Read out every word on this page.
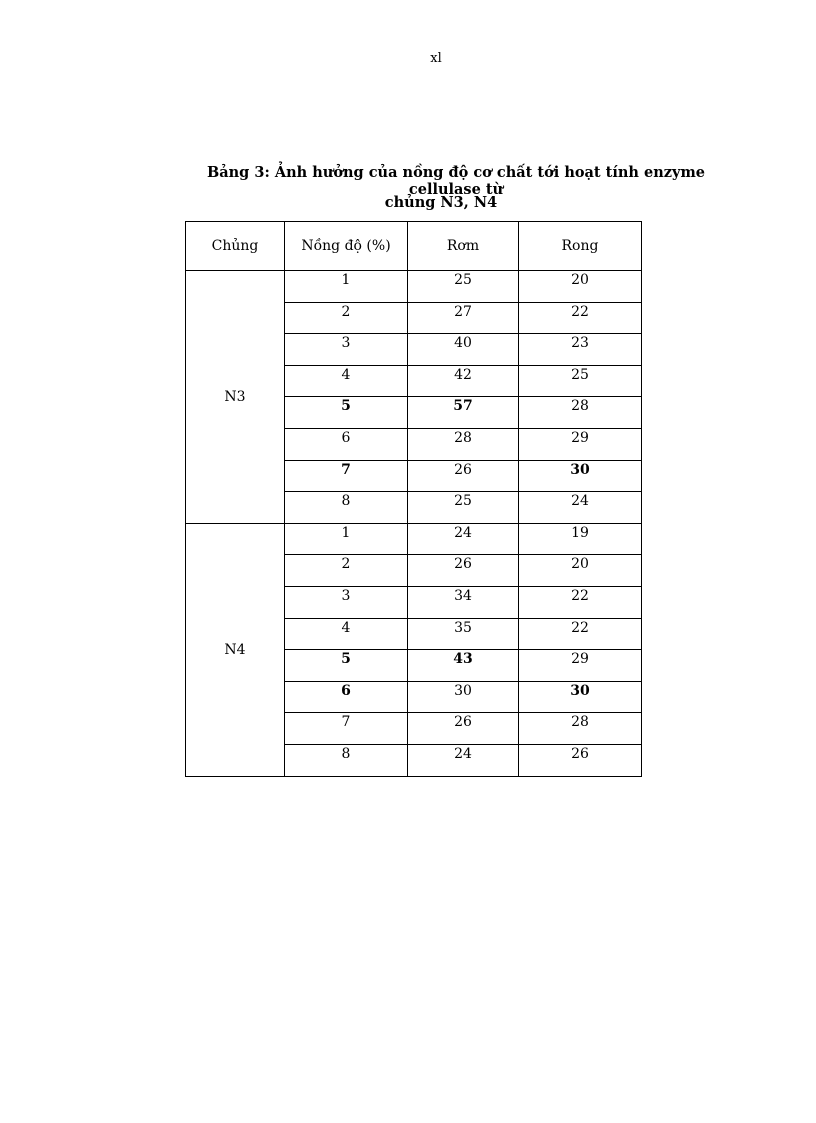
xl
Bảng 3: Ảnh hưởng của nồng độ cơ chất tới hoạt tính enzyme cellulase từ
chủng N3, N4
Chủng	Nồng độ (%)	Rơm	Rong
N3	1	25	20
	2	27	22
	3	40	23
	4	42	25
	5	57	28
	6	28	29
	7	26	30
	8	25	24
N4	1	24	19
	2	26	20
	3	34	22
	4	35	22
	5	43	29
	6	30	30
	7	26	28
	8	24	26
